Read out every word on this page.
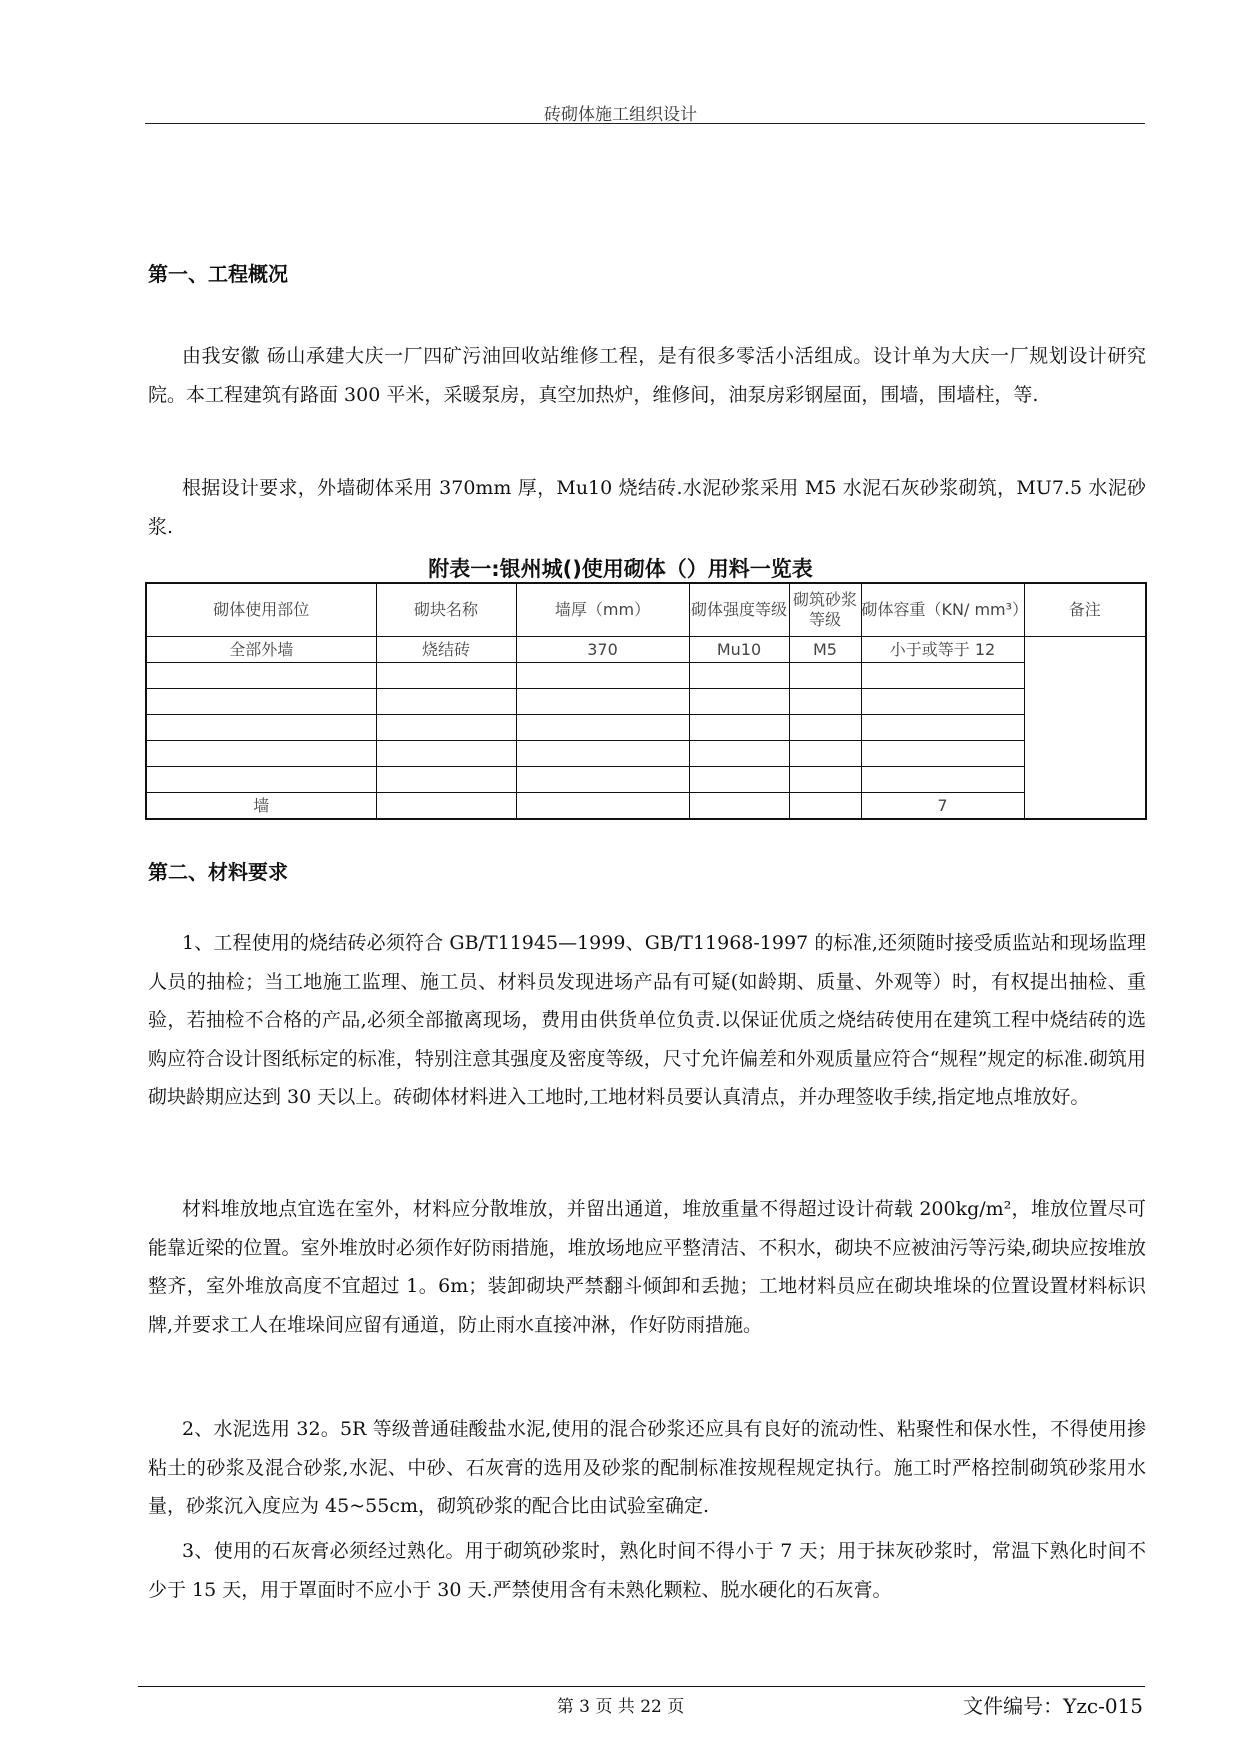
砖砌体施工组织设计
第一、工程概况

由我安徽 砀山承建大庆一厂四矿污油回收站维修工程，是有很多零活小活组成。设计单为大庆一厂规划设计研究院。本工程建筑有路面 300 平米，采暖泵房，真空加热炉，维修间，油泵房彩钢屋面，围墙，围墙柱，等.

根据设计要求，外墙砌体采用 370mm 厚，Mu10 烧结砖.水泥砂浆采用 M5 水泥石灰砂浆砌筑，MU7.5 水泥砂浆.

附表一:银州城()使用砌体（）用料一览表
砌体使用部位	砌块名称	墙厚（mm）	砌体强度等级	砌筑砂浆等级	砌体容重（KN/ mm³）	备注
全部外墙	烧结砖	370	Mu10	M5	小于或等于 12	

墙					7	
第二、材料要求

1、工程使用的烧结砖必须符合 GB/T11945—1999、GB/T11968-1997 的标准,还须随时接受质监站和现场监理人员的抽检；当工地施工监理、施工员、材料员发现进场产品有可疑(如龄期、质量、外观等）时，有权提出抽检、重验，若抽检不合格的产品,必须全部撤离现场，费用由供货单位负责.以保证优质之烧结砖使用在建筑工程中烧结砖的选购应符合设计图纸标定的标准，特别注意其强度及密度等级，尺寸允许偏差和外观质量应符合“规程”规定的标准.砌筑用砌块龄期应达到 30 天以上。砖砌体材料进入工地时,工地材料员要认真清点，并办理签收手续,指定地点堆放好。

材料堆放地点宜选在室外，材料应分散堆放，并留出通道，堆放重量不得超过设计荷载 200kg/m²，堆放位置尽可能靠近梁的位置。室外堆放时必须作好防雨措施，堆放场地应平整清洁、不积水，砌块不应被油污等污染,砌块应按堆放整齐，室外堆放高度不宜超过 1。6m；装卸砌块严禁翻斗倾卸和丢抛；工地材料员应在砌块堆垛的位置设置材料标识牌,并要求工人在堆垛间应留有通道，防止雨水直接冲淋，作好防雨措施。

2、水泥选用 32。5R 等级普通硅酸盐水泥,使用的混合砂浆还应具有良好的流动性、粘聚性和保水性，不得使用掺粘土的砂浆及混合砂浆,水泥、中砂、石灰膏的选用及砂浆的配制标准按规程规定执行。施工时严格控制砌筑砂浆用水量，砂浆沉入度应为 45~55cm，砌筑砂浆的配合比由试验室确定.

3、使用的石灰膏必须经过熟化。用于砌筑砂浆时，熟化时间不得小于 7 天；用于抹灰砂浆时，常温下熟化时间不少于 15 天，用于罩面时不应小于 30 天.严禁使用含有未熟化颗粒、脱水硬化的石灰膏。

第 3 页 共 22 页	文件编号：Yzc-015
